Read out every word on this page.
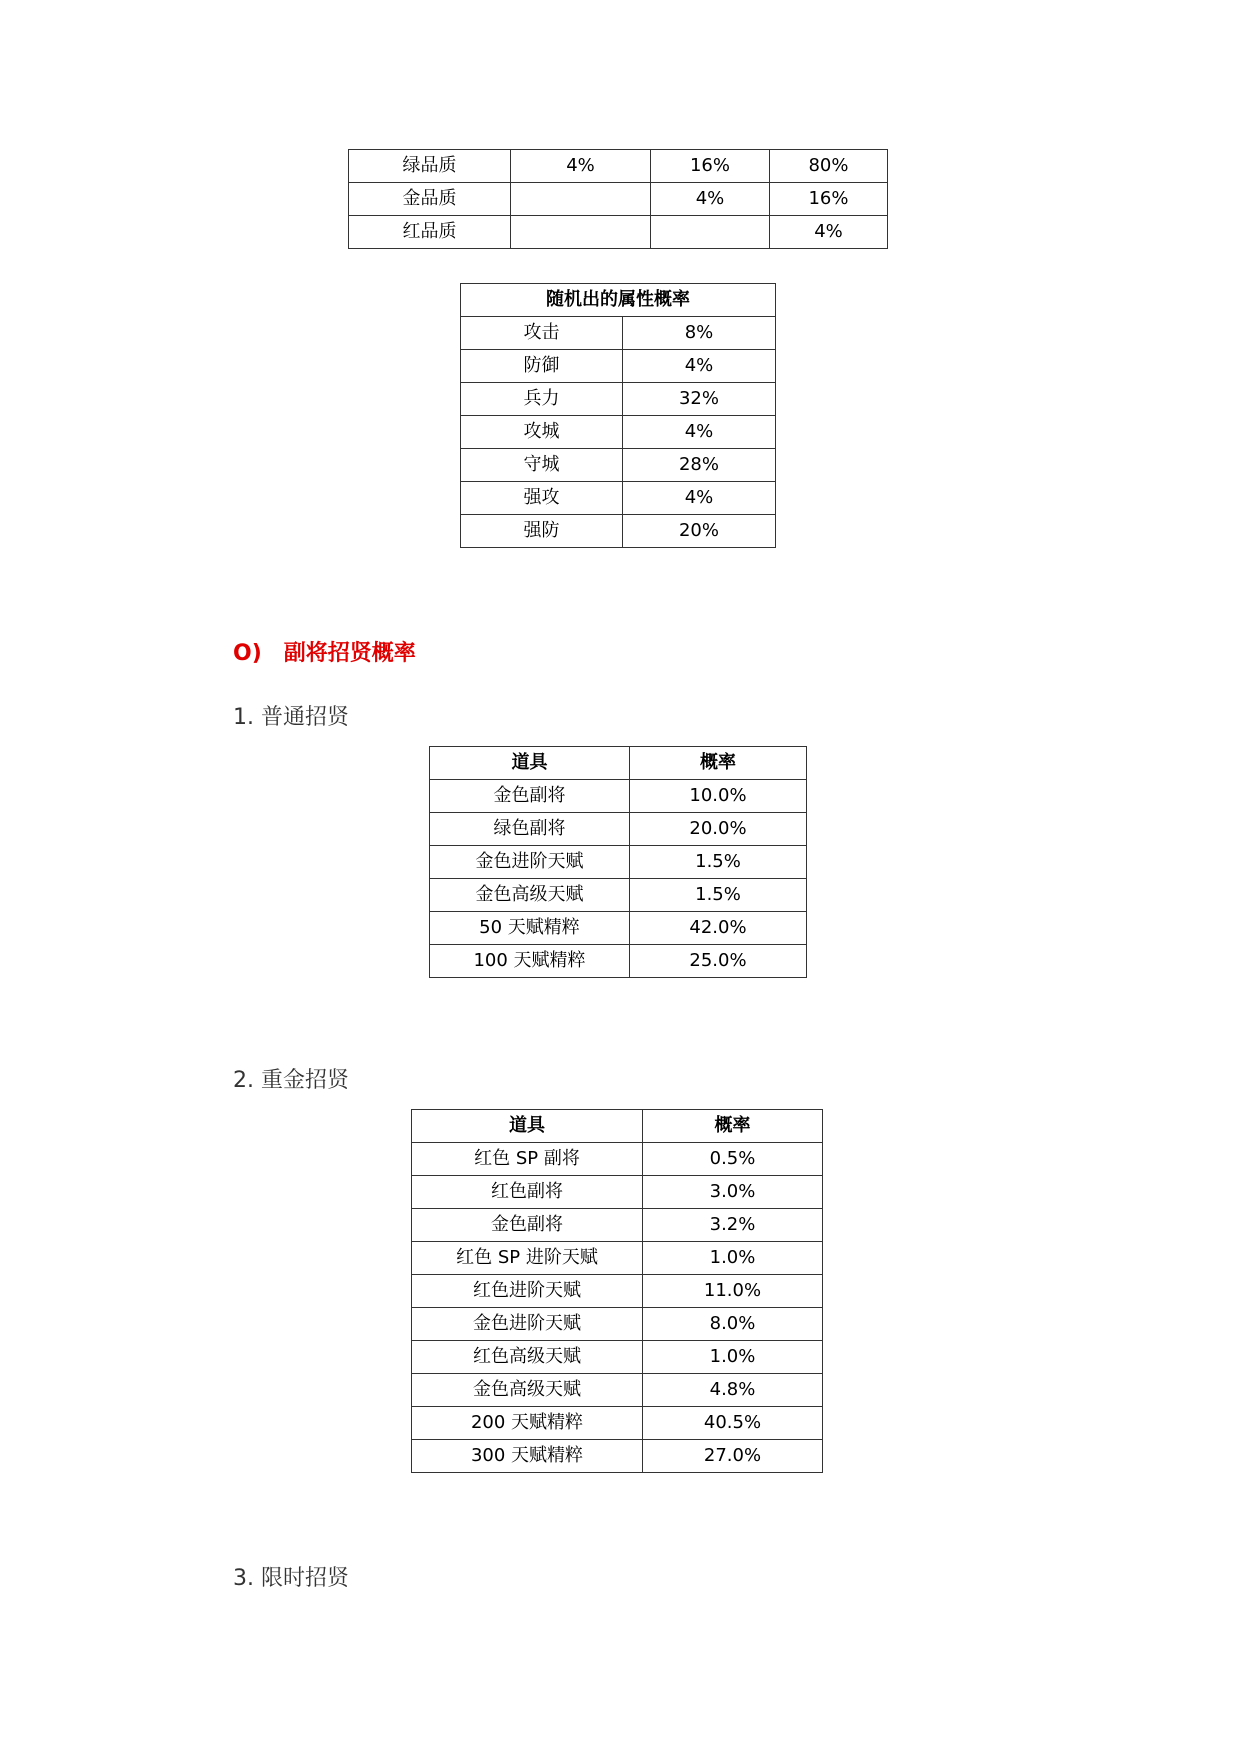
绿品质	4%	16%	80%
金品质		4%	16%
红品质			4%
随机出的属性概率	
攻击	8%
防御	4%
兵力	32%
攻城	4%
守城	28%
强攻	4%
强防	20%
O) 副将招贤概率
1. 普通招贤
道具	概率
金色副将	10.0%
绿色副将	20.0%
金色进阶天赋	1.5%
金色高级天赋	1.5%
50 天赋精粹	42.0%
100 天赋精粹	25.0%
2. 重金招贤
道具	概率
红色 SP 副将	0.5%
红色副将	3.0%
金色副将	3.2%
红色 SP 进阶天赋	1.0%
红色进阶天赋	11.0%
金色进阶天赋	8.0%
红色高级天赋	1.0%
金色高级天赋	4.8%
200 天赋精粹	40.5%
300 天赋精粹	27.0%
3. 限时招贤
